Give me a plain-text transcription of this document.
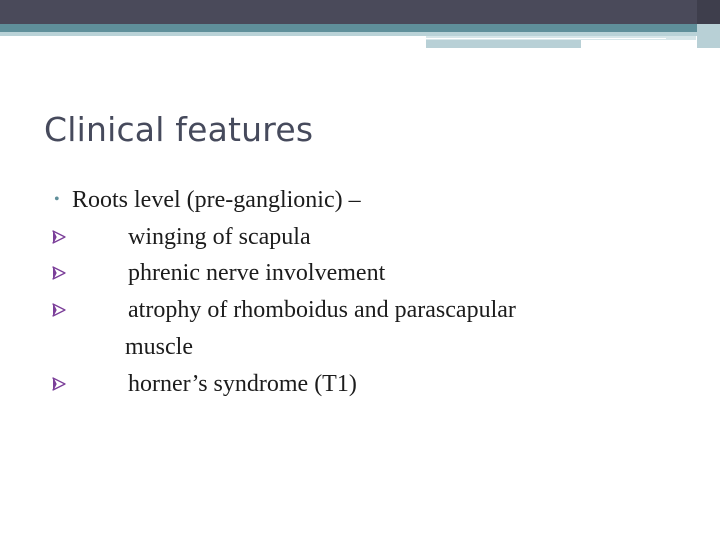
Clinical features
• Roots level (pre-ganglionic) –
winging of scapula
phrenic nerve involvement
atrophy of rhomboidus and parascapular
muscle
horner’s syndrome (T1)
